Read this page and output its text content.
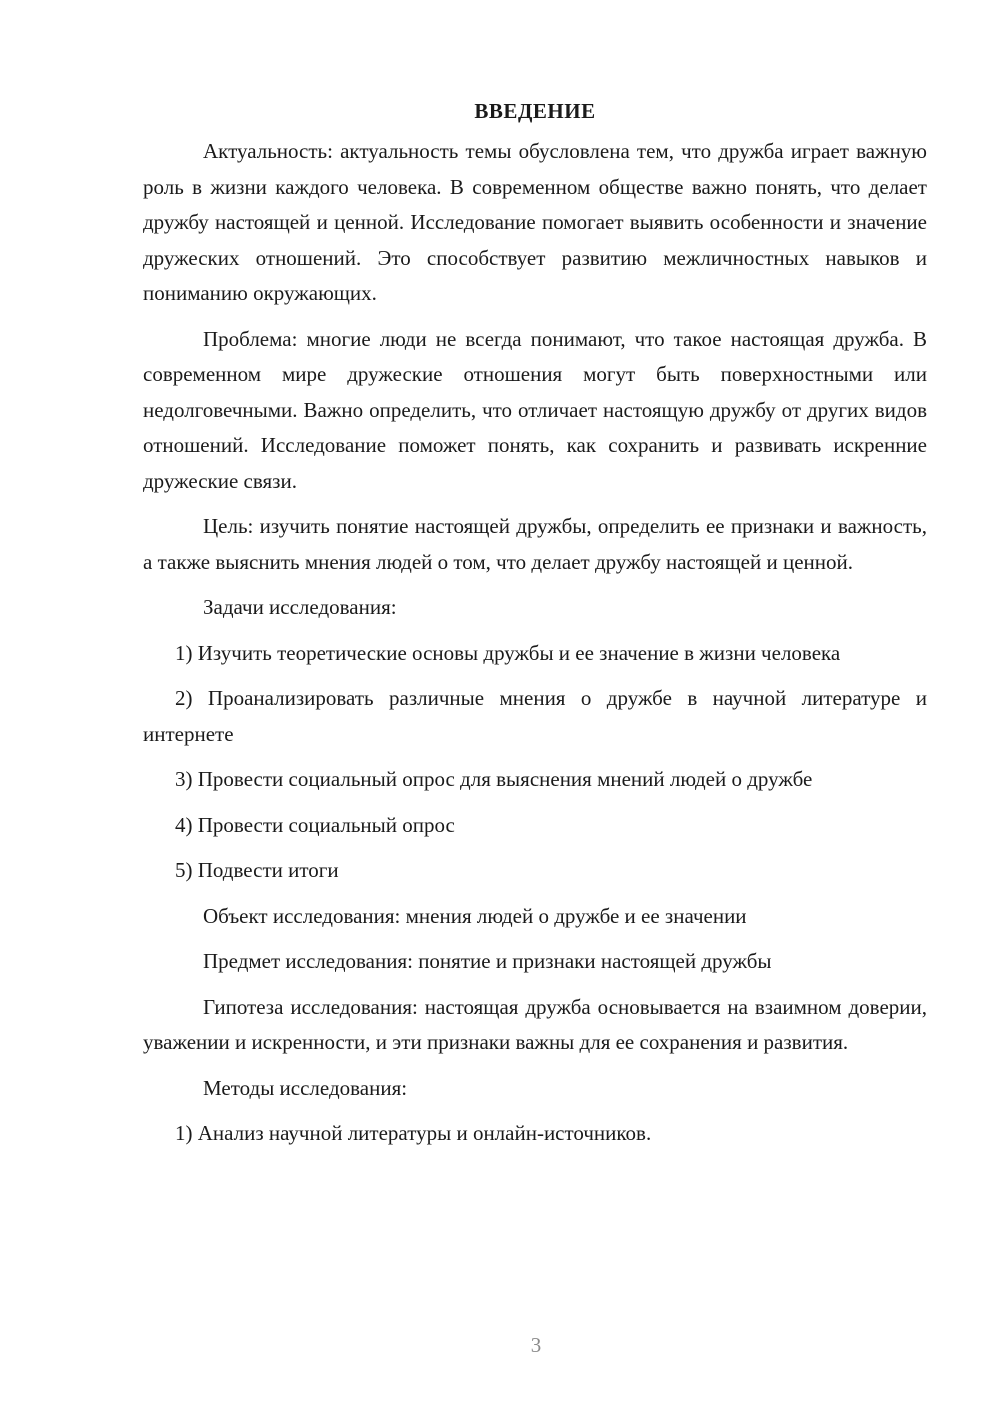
ВВЕДЕНИЕ

Актуальность: актуальность темы обусловлена тем, что дружба играет важную роль в жизни каждого человека. В современном обществе важно понять, что делает дружбу настоящей и ценной. Исследование помогает выявить особенности и значение дружеских отношений. Это способствует развитию межличностных навыков и пониманию окружающих.

Проблема: многие люди не всегда понимают, что такое настоящая дружба. В современном мире дружеские отношения могут быть поверхностными или недолговечными. Важно определить, что отличает настоящую дружбу от других видов отношений. Исследование поможет понять, как сохранить и развивать искренние дружеские связи.

Цель: изучить понятие настоящей дружбы, определить ее признаки и важность, а также выяснить мнения людей о том, что делает дружбу настоящей и ценной.

Задачи исследования:

1) Изучить теоретические основы дружбы и ее значение в жизни человека

2) Проанализировать различные мнения о дружбе в научной литературе и интернете

3) Провести социальный опрос для выяснения мнений людей о дружбе

4) Провести социальный опрос

5) Подвести итоги

Объект исследования: мнения людей о дружбе и ее значении

Предмет исследования: понятие и признаки настоящей дружбы

Гипотеза исследования: настоящая дружба основывается на взаимном доверии, уважении и искренности, и эти признаки важны для ее сохранения и развития.

Методы исследования:

1) Анализ научной литературы и онлайн-источников.

3
